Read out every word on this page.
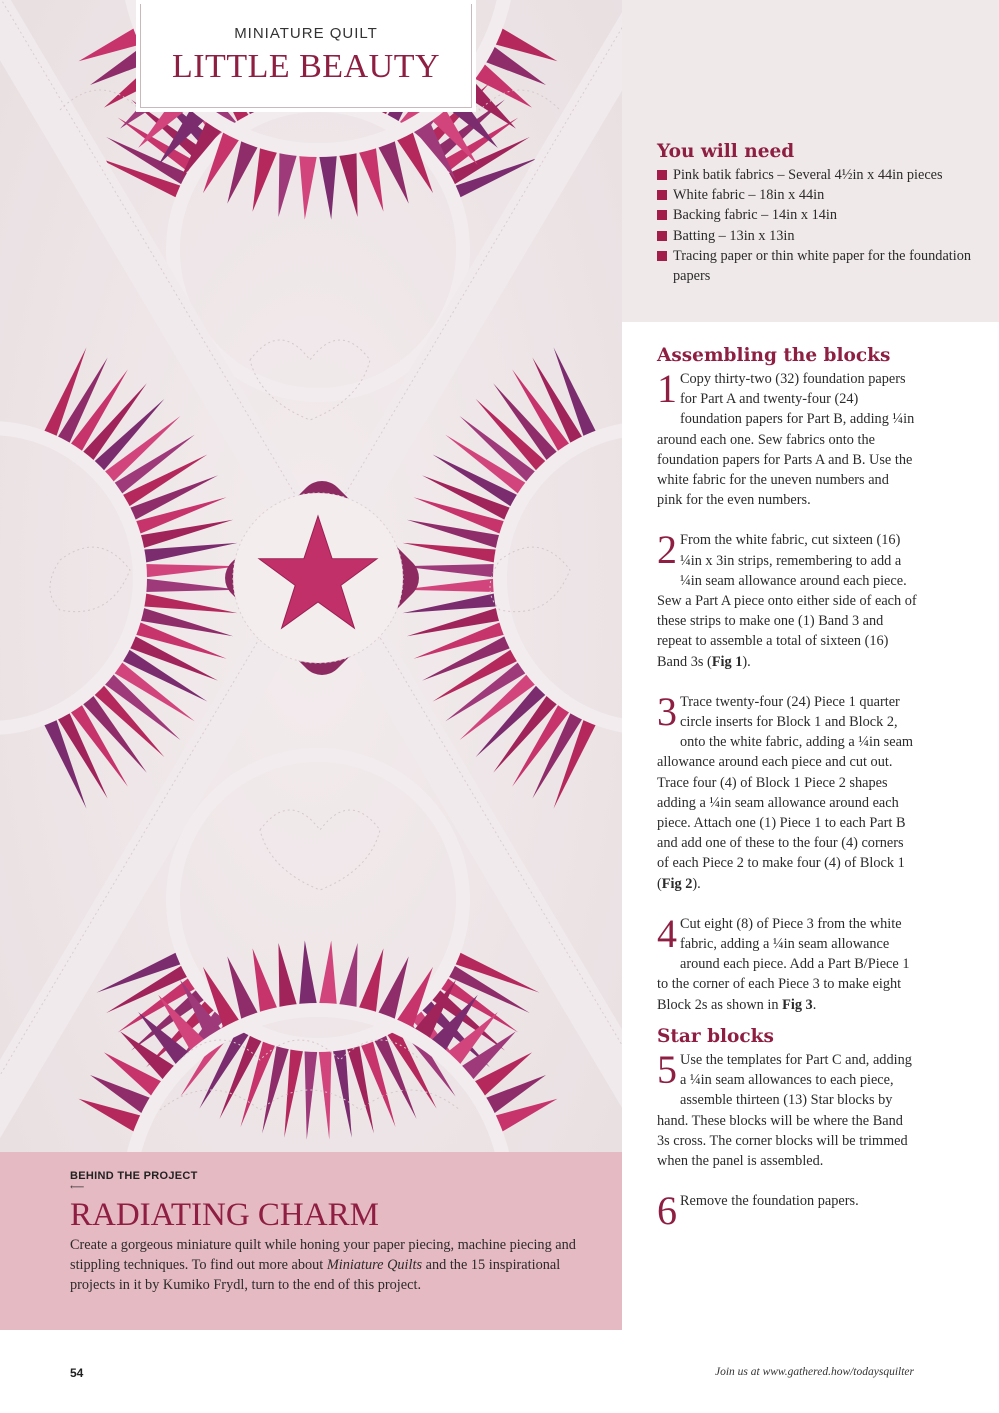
MINIATURE QUILT
LITTLE BEAUTY
BEHIND THE PROJECT
⟵
RADIATING CHARM

Create a gorgeous miniature quilt while honing your paper piecing, machine piecing and stippling techniques. To find out more about Miniature Quilts and the 15 inspirational projects in it by Kumiko Frydl, turn to the end of this project.

You will need
Pink batik fabrics – Several 4½in x 44in pieces
White fabric – 18in x 44in
Backing fabric – 14in x 14in
Batting – 13in x 13in
Tracing paper or thin white paper for the foundation papers
Assembling the blocks

1 Copy thirty-two (32) foundation papers for Part A and twenty-four (24) foundation papers for Part B, adding ¼in around each one. Sew fabrics onto the foundation papers for Parts A and B. Use the white fabric for the uneven numbers and pink for the even numbers.

2 From the white fabric, cut sixteen (16) ¼in x 3in strips, remembering to add a ¼in seam allowance around each piece. Sew a Part A piece onto either side of each of these strips to make one (1) Band 3 and repeat to assemble a total of sixteen (16) Band 3s (Fig 1).

3 Trace twenty-four (24) Piece 1 quarter circle inserts for Block 1 and Block 2, onto the white fabric, adding a ¼in seam allowance around each piece and cut out. Trace four (4) of Block 1 Piece 2 shapes adding a ¼in seam allowance around each piece. Attach one (1) Piece 1 to each Part B and add one of these to the four (4) corners of each Piece 2 to make four (4) of Block 1 (Fig 2).

4 Cut eight (8) of Piece 3 from the white fabric, adding a ¼in seam allowance around each piece. Add a Part B/Piece 1 to the corner of each Piece 3 to make eight Block 2s as shown in Fig 3.

Star blocks

5 Use the templates for Part C and, adding a ¼in seam allowances to each piece, assemble thirteen (13) Star blocks by hand. These blocks will be where the Band 3s cross. The corner blocks will be trimmed when the panel is assembled.

6 Remove the foundation papers.

54	Join us at www.gathered.how/todaysquilter
